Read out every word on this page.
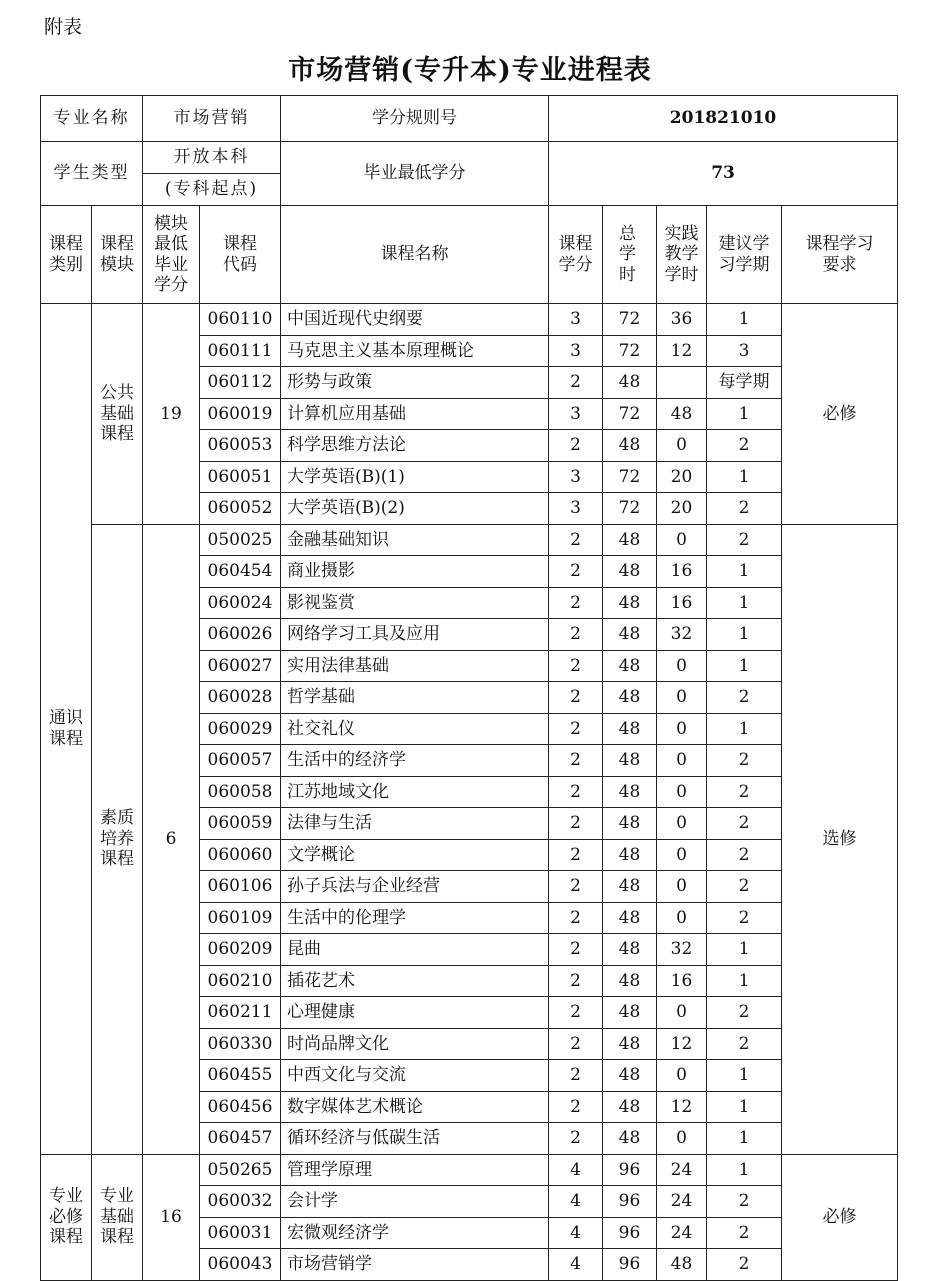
附表
市场营销(专升本)专业进程表
专业名称		市场营销		学分规则号	201821010				
学生类型		开放本科		毕业最低学分	73				
		(专科起点)							

课程类别	课程模块	模块最低毕业学分	课程代码	课程名称	课程学分	总学时	实践教学学时	建议学习学期	课程学习要求

通识课程	公共基础课程	19	060110	中国近现代史纲要	3	72	36	1	必修
			060111	马克思主义基本原理概论	3	72	12	3	
			060112	形势与政策	2	48		每学期	
			060019	计算机应用基础	3	72	48	1	
			060053	科学思维方法论	2	48	0	2	
			060051	大学英语(B)(1)	3	72	20	1	
			060052	大学英语(B)(2)	3	72	20	2	

	素质培养课程	6	050025	金融基础知识	2	48	0	2	选修
			060454	商业摄影	2	48	16	1	
			060024	影视鉴赏	2	48	16	1	
			060026	网络学习工具及应用	2	48	32	1	
			060027	实用法律基础	2	48	0	1	
			060028	哲学基础	2	48	0	2	
			060029	社交礼仪	2	48	0	1	
			060057	生活中的经济学	2	48	0	2	
			060058	江苏地域文化	2	48	0	2	
			060059	法律与生活	2	48	0	2	
			060060	文学概论	2	48	0	2	
			060106	孙子兵法与企业经营	2	48	0	2	
			060109	生活中的伦理学	2	48	0	2	
			060209	昆曲	2	48	32	1	
			060210	插花艺术	2	48	16	1	
			060211	心理健康	2	48	0	2	
			060330	时尚品牌文化	2	48	12	2	
			060455	中西文化与交流	2	48	0	1	
			060456	数字媒体艺术概论	2	48	12	1	
			060457	循环经济与低碳生活	2	48	0	1	

专业必修课程	专业基础课程	16	050265	管理学原理	4	96	24	1	必修
			060032	会计学	4	96	24	2	
			060031	宏微观经济学	4	96	24	2	
			060043	市场营销学	4	96	48	2	
